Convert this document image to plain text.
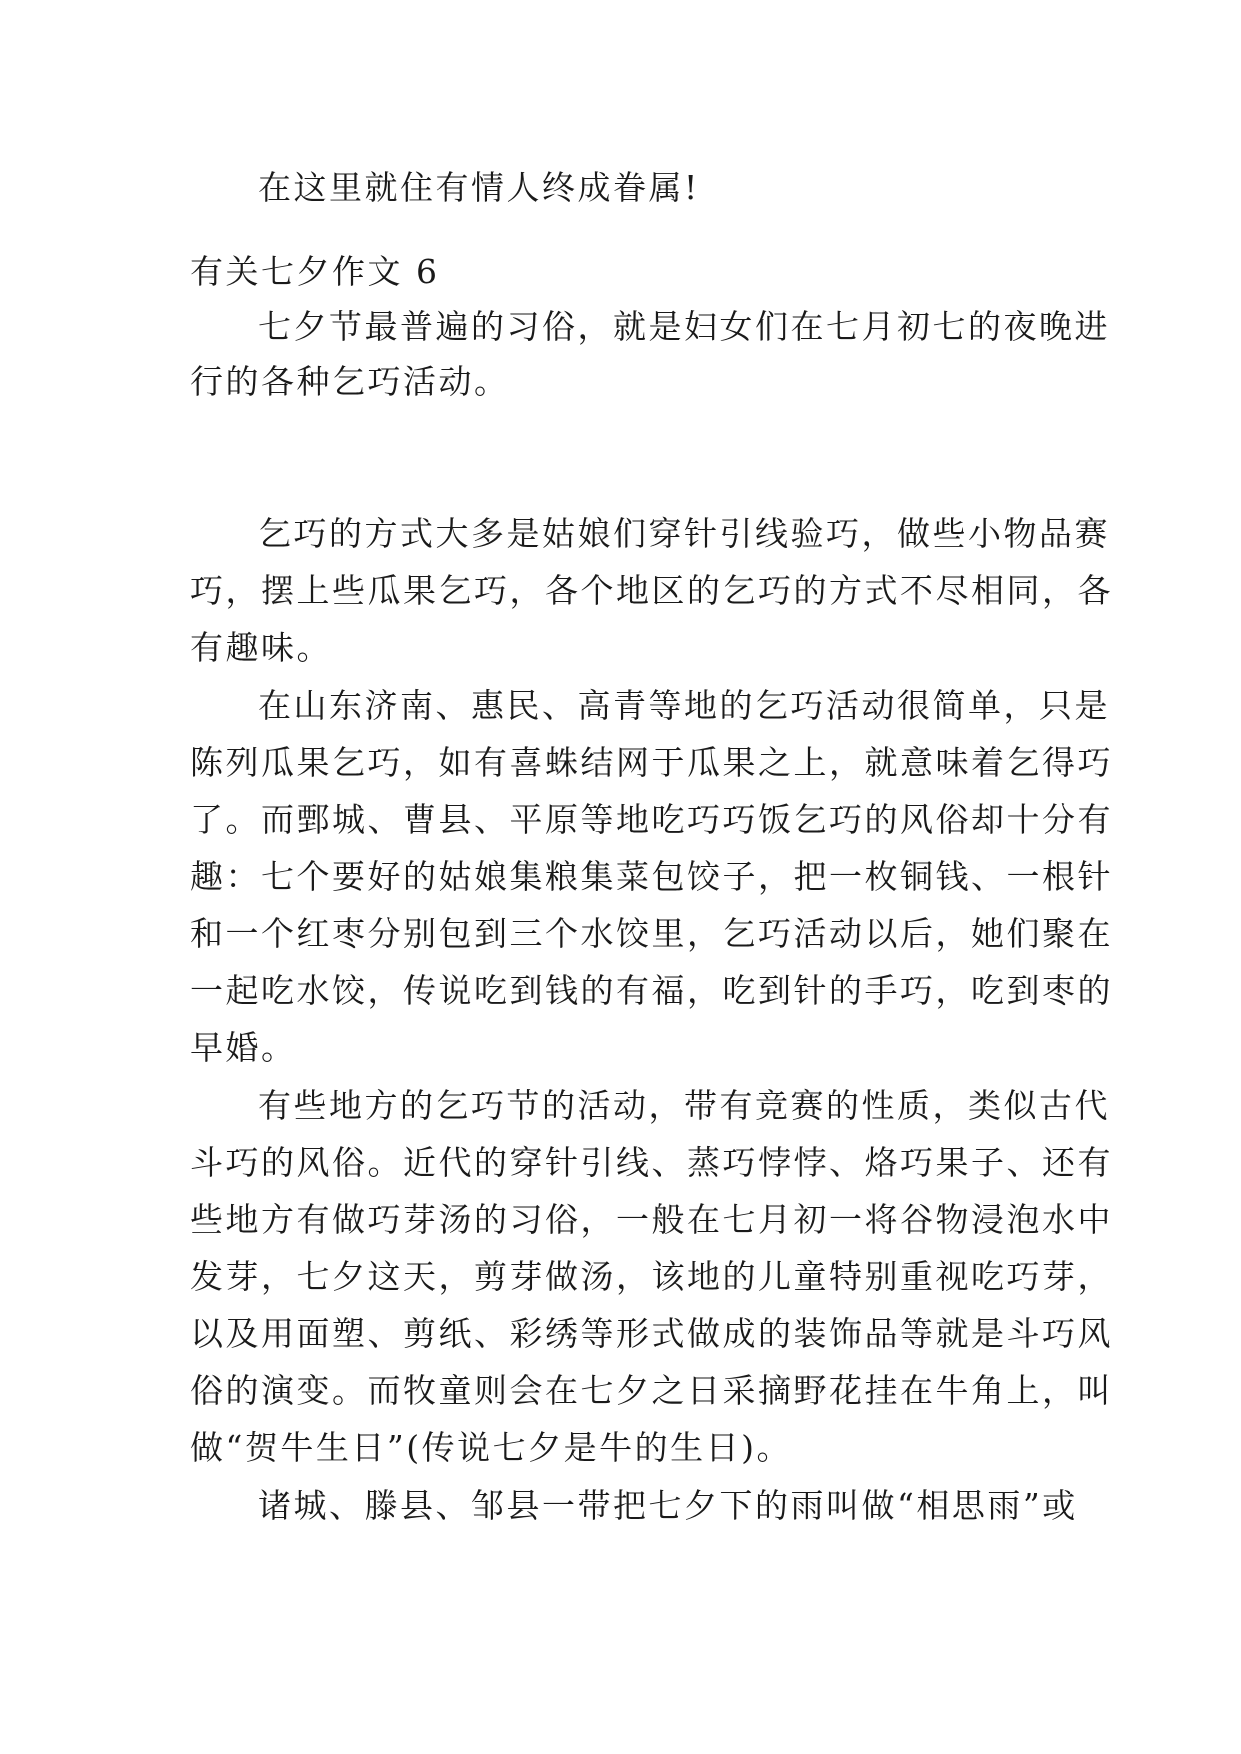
在这里就住有情人终成眷属!

有关七夕作文 6

七夕节最普遍的习俗，就是妇女们在七月初七的夜晚进

行的各种乞巧活动。

乞巧的方式大多是姑娘们穿针引线验巧，做些小物品赛

巧，摆上些瓜果乞巧，各个地区的乞巧的方式不尽相同，各

有趣味。

在山东济南、惠民、高青等地的乞巧活动很简单，只是

陈列瓜果乞巧，如有喜蛛结网于瓜果之上，就意味着乞得巧

了。而鄄城、曹县、平原等地吃巧巧饭乞巧的风俗却十分有

趣：七个要好的姑娘集粮集菜包饺子，把一枚铜钱、一根针

和一个红枣分别包到三个水饺里，乞巧活动以后，她们聚在

一起吃水饺，传说吃到钱的有福，吃到针的手巧，吃到枣的

早婚。

有些地方的乞巧节的活动，带有竞赛的性质，类似古代

斗巧的风俗。近代的穿针引线、蒸巧悖悖、烙巧果子、还有

些地方有做巧芽汤的习俗，一般在七月初一将谷物浸泡水中

发芽，七夕这天，剪芽做汤，该地的儿童特别重视吃巧芽，

以及用面塑、剪纸、彩绣等形式做成的装饰品等就是斗巧风

俗的演变。而牧童则会在七夕之日采摘野花挂在牛角上，叫

做“贺牛生日”(传说七夕是牛的生日)。

诸城、滕县、邹县一带把七夕下的雨叫做“相思雨”或
